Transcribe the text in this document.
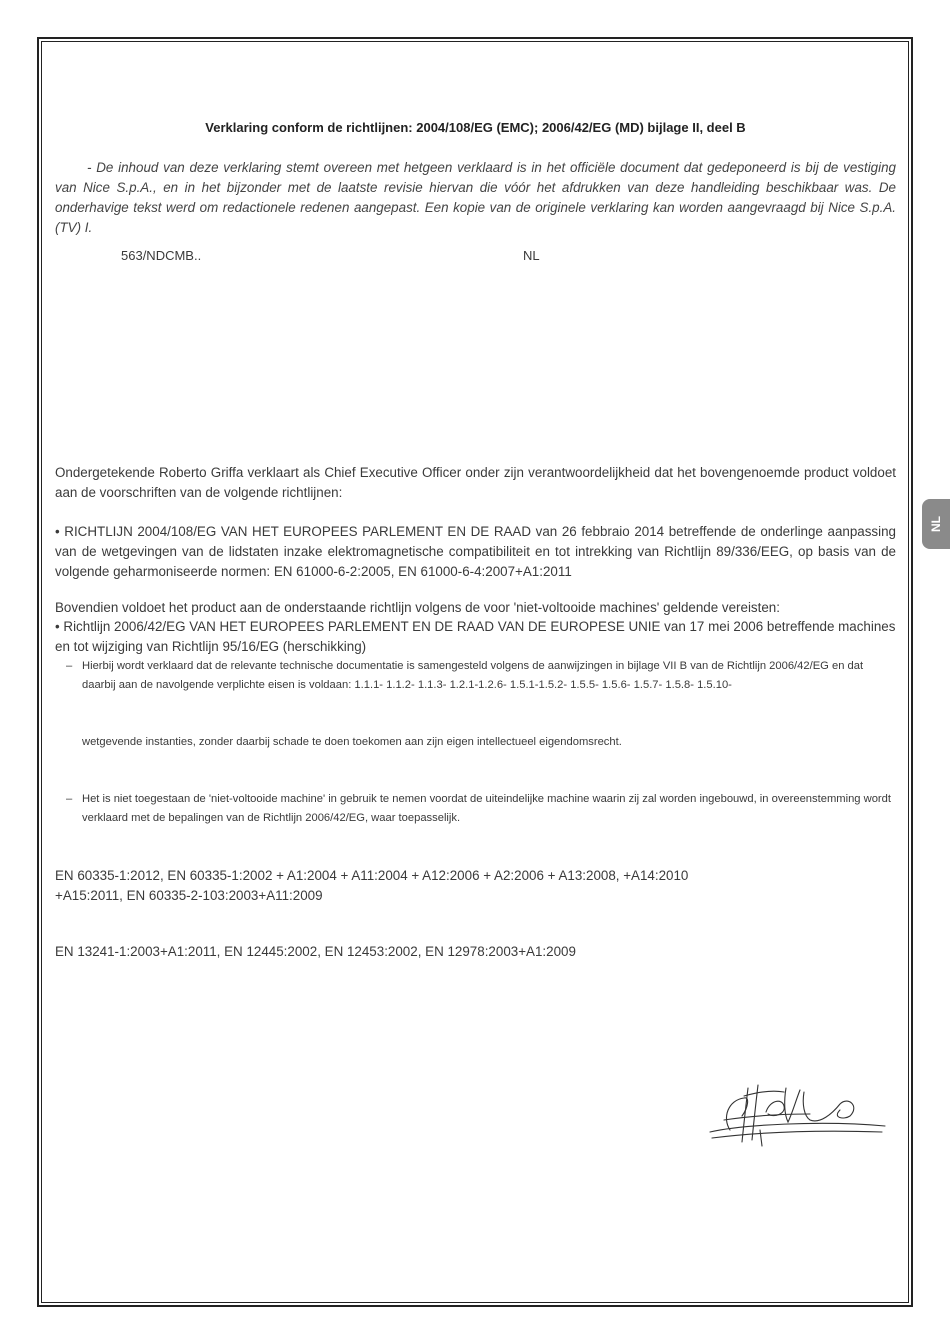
Verklaring conform de richtlijnen: 2004/108/EG (EMC); 2006/42/EG (MD) bijlage II, deel B
- De inhoud van deze verklaring stemt overeen met hetgeen verklaard is in het officiële document dat gedeponeerd is bij de vestiging van Nice S.p.A., en in het bijzonder met de laatste revisie hiervan die vóór het afdrukken van deze handleiding beschikbaar was. De onderhavige tekst werd om redactionele redenen aangepast. Een kopie van de originele verklaring kan worden aangevraagd bij Nice S.p.A. (TV) I.
563/NDCMB..	NL
Ondergetekende Roberto Griffa verklaart als Chief Executive Officer onder zijn verantwoordelijkheid dat het bovengenoemde product voldoet aan de voorschriften van de volgende richtlijnen:
• RICHTLIJN 2004/108/EG VAN HET EUROPEES PARLEMENT EN DE RAAD van 26 febbraio 2014 betreffende de onderlinge aanpassing van de wetgevingen van de lidstaten inzake elektromagnetische compatibiliteit en tot intrekking van Richtlijn 89/336/EEG, op basis van de volgende geharmoniseerde normen: EN 61000-6-2:2005, EN 61000-6-4:2007+A1:2011
Bovendien voldoet het product aan de onderstaande richtlijn volgens de voor 'niet-voltooide machines' geldende vereisten:
• Richtlijn 2006/42/EG VAN HET EUROPEES PARLEMENT EN DE RAAD VAN DE EUROPESE UNIE van 17 mei 2006 betreffende machines en tot wijziging van Richtlijn 95/16/EG (herschikking)
– Hierbij wordt verklaard dat de relevante technische documentatie is samengesteld volgens de aanwijzingen in bijlage VII B van de Richtlijn 2006/42/EG en dat daarbij aan de navolgende verplichte eisen is voldaan: 1.1.1- 1.1.2- 1.1.3- 1.2.1-1.2.6- 1.5.1-1.5.2- 1.5.5- 1.5.6- 1.5.7- 1.5.8- 1.5.10-
wetgevende instanties, zonder daarbij schade te doen toekomen aan zijn eigen intellectueel eigendomsrecht.
– Het is niet toegestaan de 'niet-voltooide machine' in gebruik te nemen voordat de uiteindelijke machine waarin zij zal worden ingebouwd, in overeenstemming wordt verklaard met de bepalingen van de Richtlijn 2006/42/EG, waar toepasselijk.
EN 60335-1:2012, EN 60335-1:2002 + A1:2004 + A11:2004 + A12:2006 + A2:2006 + A13:2008, +A14:2010
+A15:2011, EN 60335-2-103:2003+A11:2009
EN 13241-1:2003+A1:2011, EN 12445:2002, EN 12453:2002, EN 12978:2003+A1:2009
NL
